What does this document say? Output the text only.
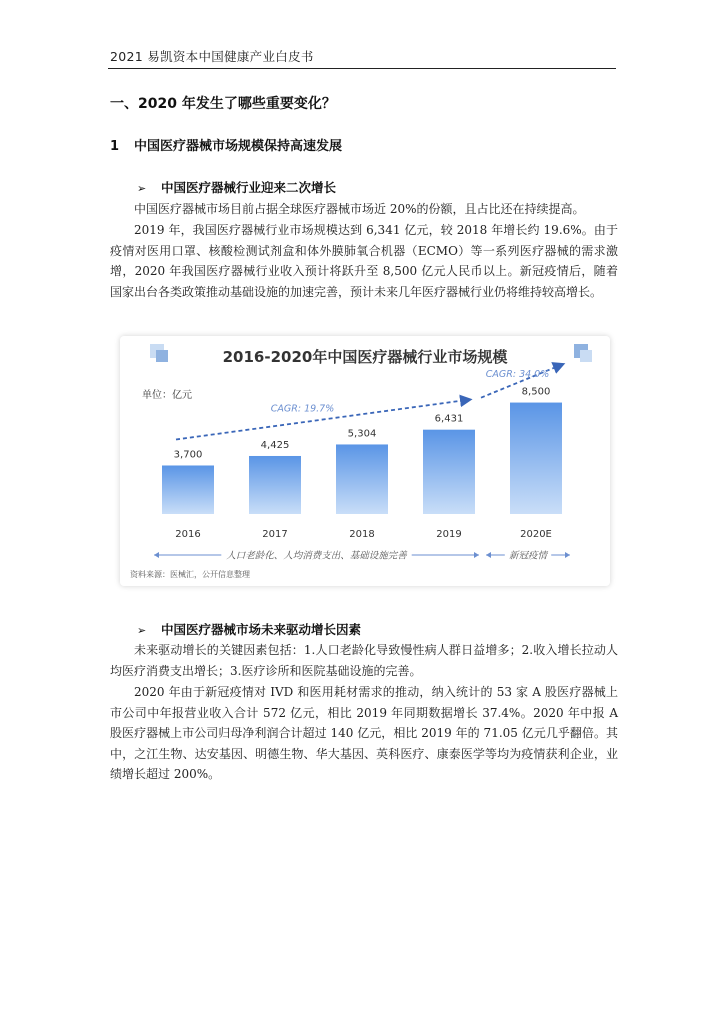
2021 易凯资本中国健康产业白皮书
一、2020 年发生了哪些重要变化？
1 中国医疗器械市场规模保持高速发展
➢ 中国医疗器械行业迎来二次增长

中国医疗器械市场目前占据全球医疗器械市场近 20%的份额，且占比还在持续提高。

2019 年，我国医疗器械行业市场规模达到 6,341 亿元，较 2018 年增长约 19.6%。由于疫情对医用口罩、核酸检测试剂盒和体外膜肺氧合机器（ECMO）等一系列医疗器械的需求激增，2020 年我国医疗器械行业收入预计将跃升至 8,500 亿元人民币以上。新冠疫情后，随着国家出台各类政策推动基础设施的加速完善，预计未来几年医疗器械行业仍将维持较高增长。

2016-2020年中国医疗器械行业市场规模
单位：亿元
3,700
2016
4,425
2017
5,304
2018
6,431
2019
8,500
2020E
CAGR: 19.7%
CAGR: 34.0%
人口老龄化、人均消费支出、基础设施完善	新冠疫情
资料来源：医械汇，公开信息整理
➢ 中国医疗器械市场未来驱动增长因素

未来驱动增长的关键因素包括：1.人口老龄化导致慢性病人群日益增多；2.收入增长拉动人均医疗消费支出增长；3.医疗诊所和医院基础设施的完善。

2020 年由于新冠疫情对 IVD 和医用耗材需求的推动，纳入统计的 53 家 A 股医疗器械上市公司中年报营业收入合计 572 亿元，相比 2019 年同期数据增长 37.4%。2020 年中报 A 股医疗器械上市公司归母净利润合计超过 140 亿元，相比 2019 年的 71.05 亿元几乎翻倍。其中，之江生物、达安基因、明德生物、华大基因、英科医疗、康泰医学等均为疫情获利企业，业绩增长超过 200%。
